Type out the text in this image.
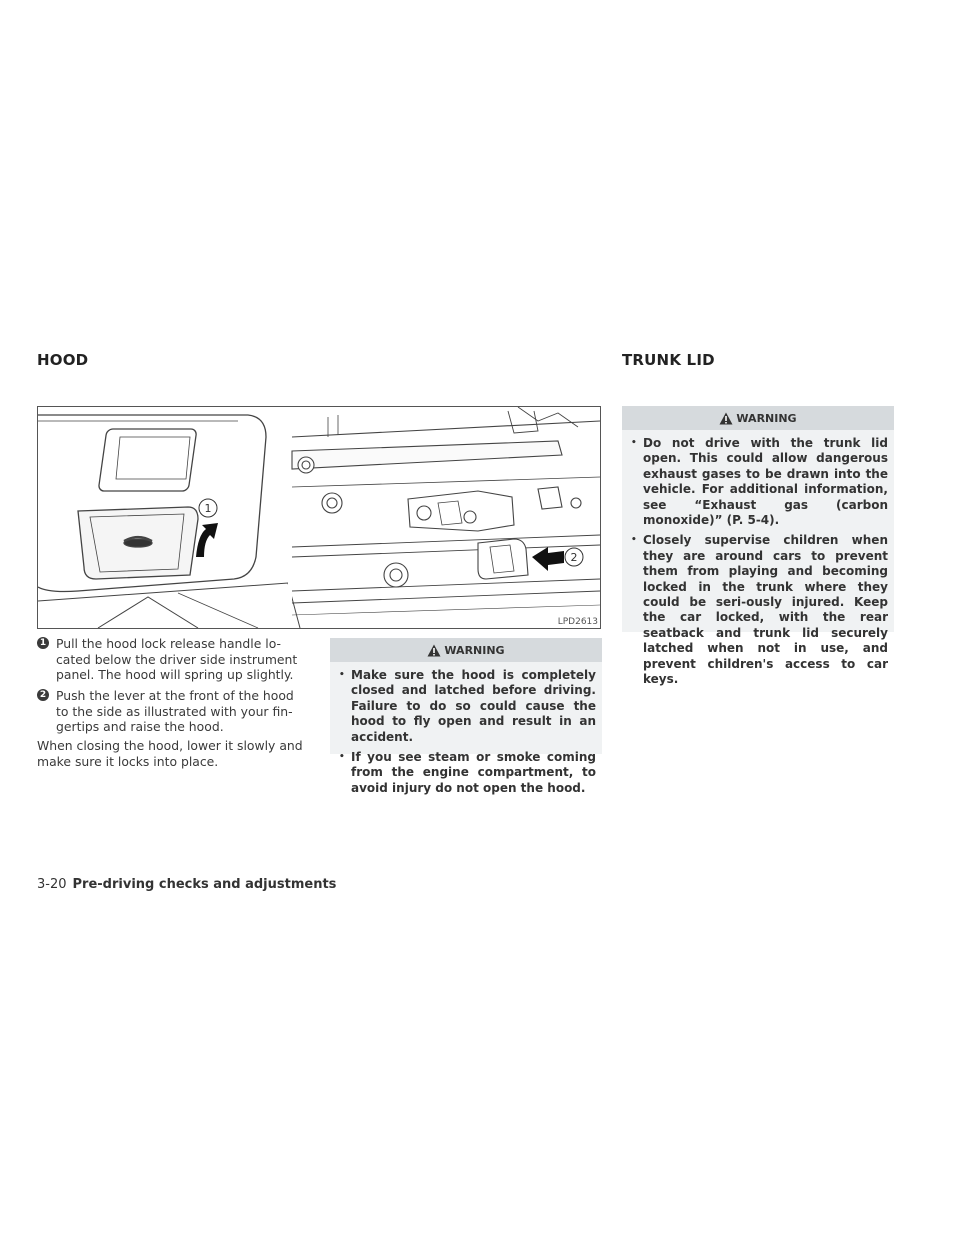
HOOD	TRUNK LID
1
2
LPD2613
1 Pull the hood lock release handle lo-cated below the driver side instrument panel. The hood will spring up slightly.
2 Push the lever at the front of the hood to the side as illustrated with your fin-gertips and raise the hood.

When closing the hood, lower it slowly and make sure it locks into place.

WARNING
• Make sure the hood is completely closed and latched before driving. Failure to do so could cause the hood to fly open and result in an accident.
• If you see steam or smoke coming from the engine compartment, to avoid injury do not open the hood.
WARNING
• Do not drive with the trunk lid open. This could allow dangerous exhaust gases to be drawn into the vehicle. For additional information, see “Exhaust gas (carbon monoxide)” (P. 5-4).
• Closely supervise children when they are around cars to prevent them from playing and becoming locked in the trunk where they could be seri-ously injured. Keep the car locked, with the rear seatback and trunk lid securely latched when not in use, and prevent children's access to car keys.
3-20 Pre-driving checks and adjustments
